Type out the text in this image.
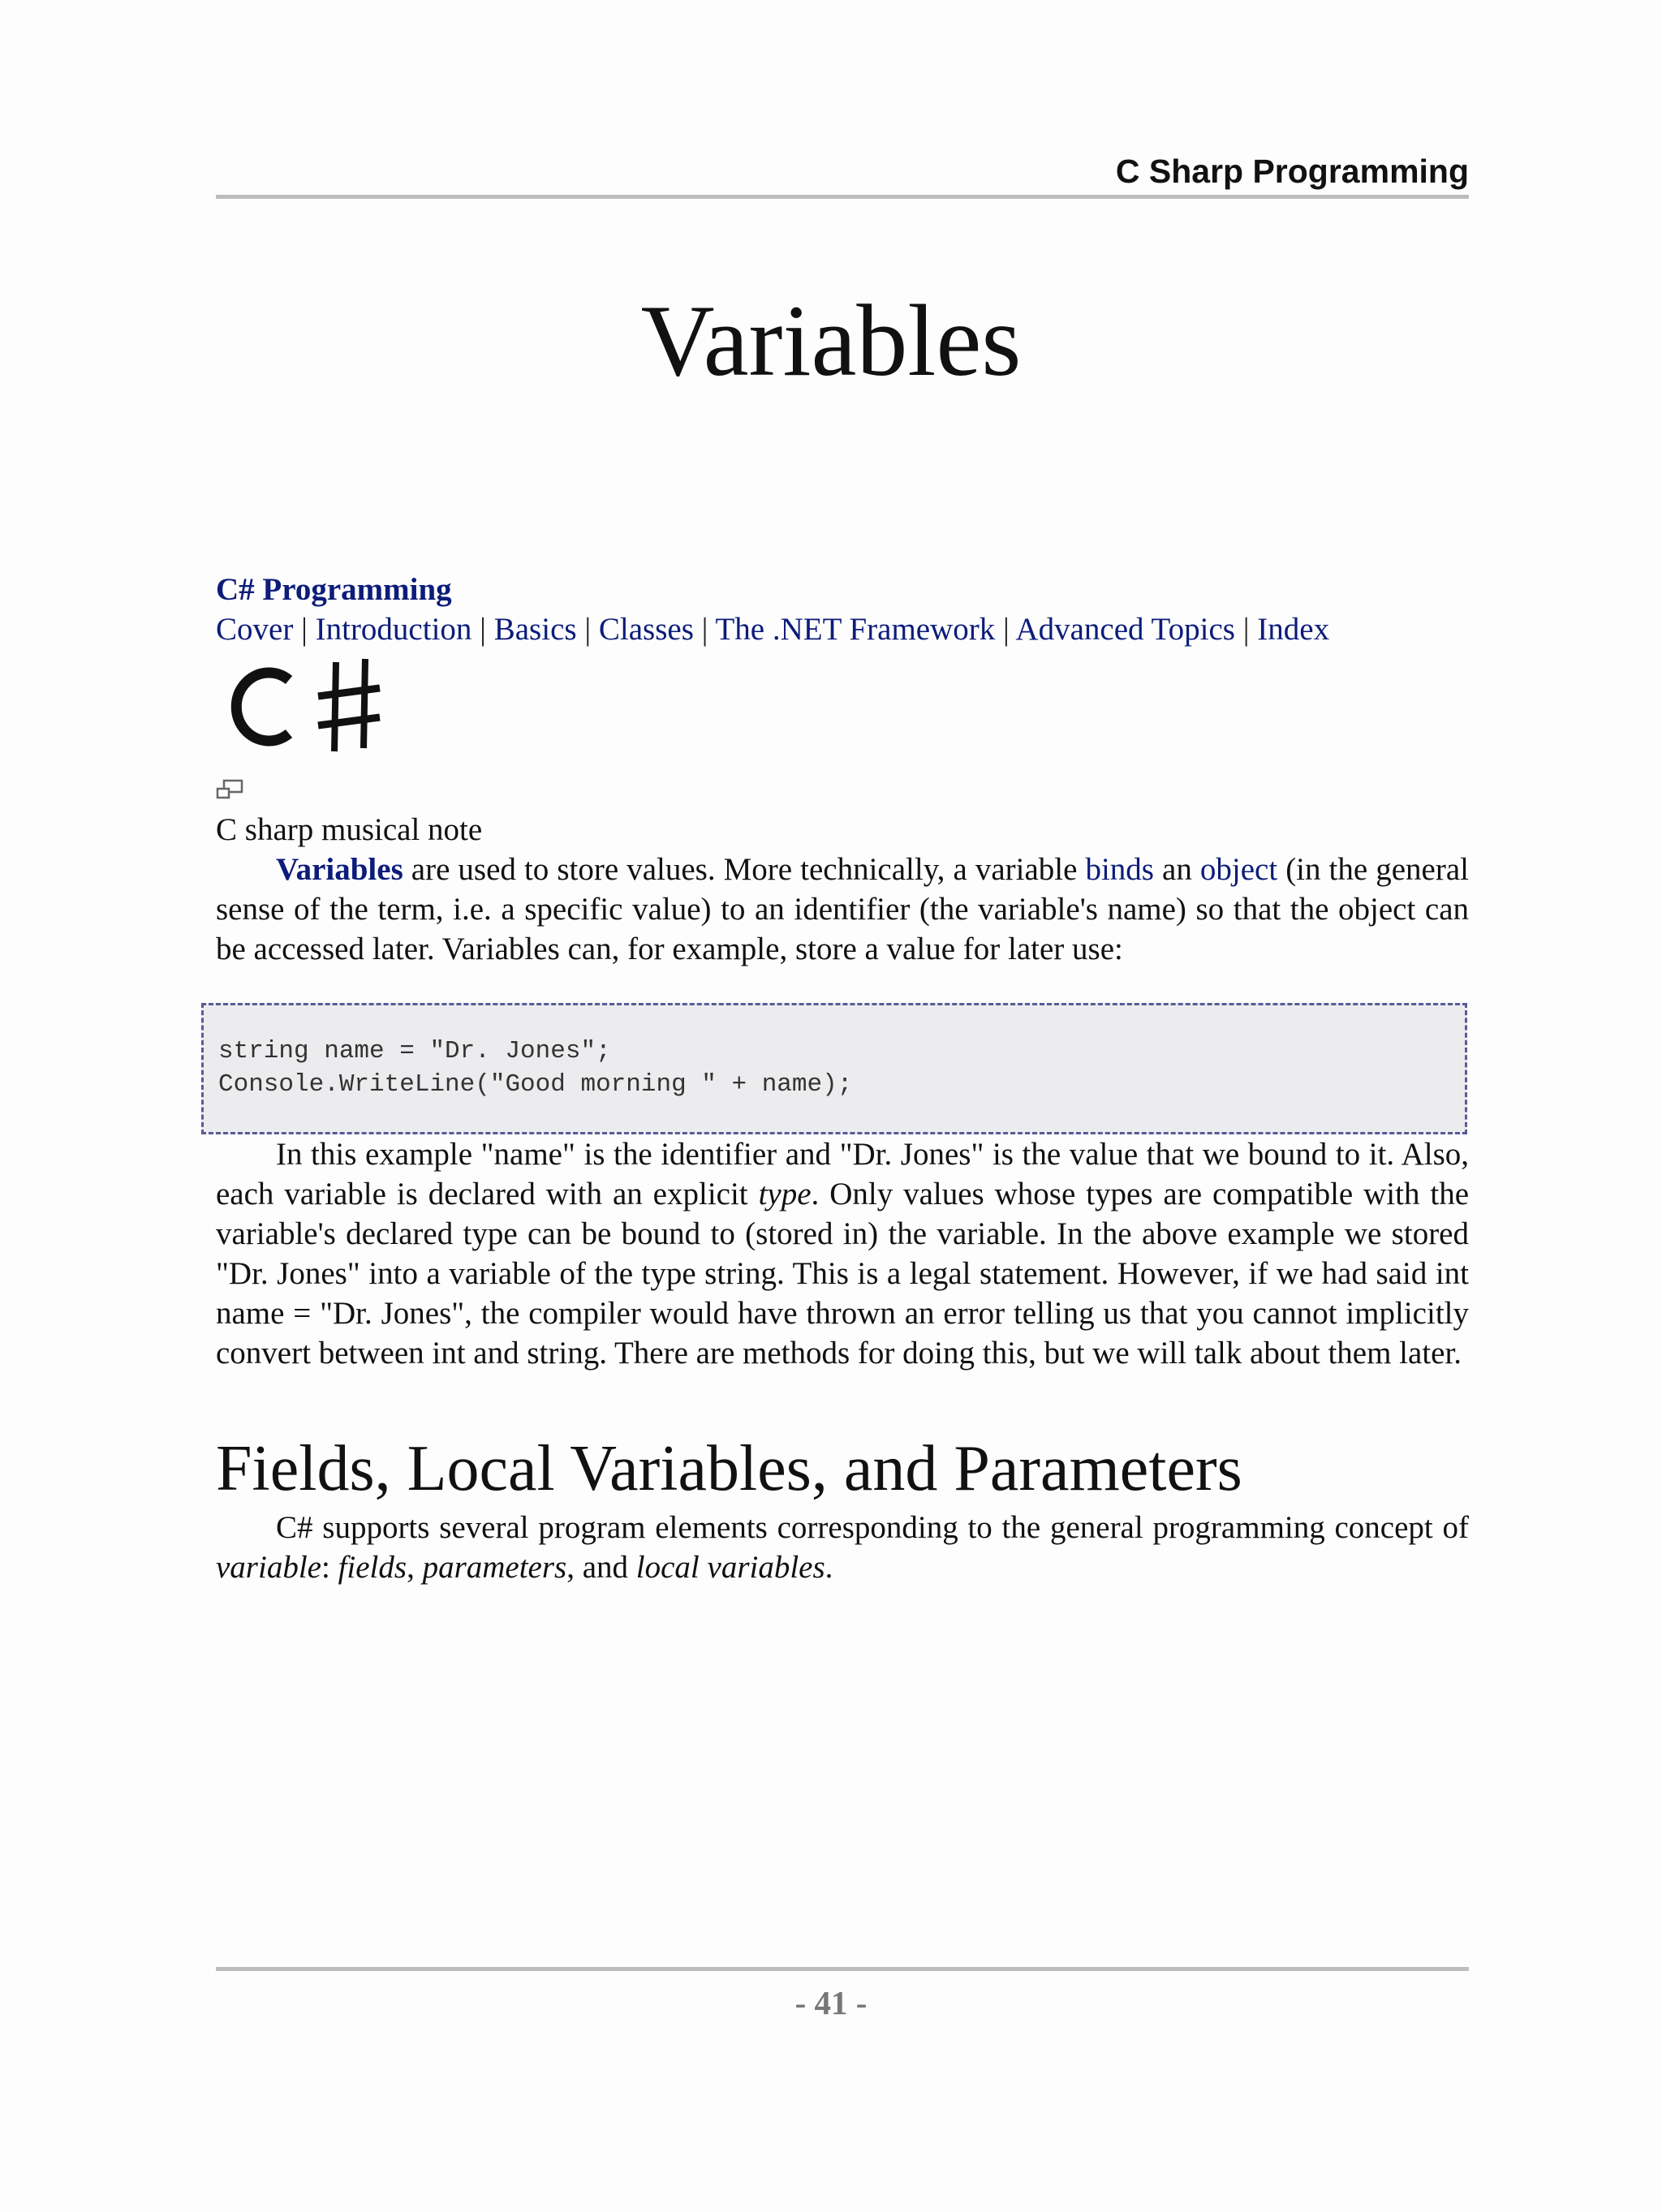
C Sharp Programming
Variables

C# Programming

Cover | Introduction | Basics | Classes | The .NET Framework | Advanced Topics | Index

C sharp musical note

Variables are used to store values. More technically, a variable binds an object (in the general sense of the term, i.e. a specific value) to an identifier (the variable's name) so that the object can be accessed later. Variables can, for example, store a value for later use:

string name = "Dr. Jones";
Console.WriteLine("Good morning " + name);

In this example "name" is the identifier and "Dr. Jones" is the value that we bound to it. Also, each variable is declared with an explicit type. Only values whose types are compatible with the variable's declared type can be bound to (stored in) the variable. In the above example we stored "Dr. Jones" into a variable of the type string. This is a legal statement. However, if we had said int name = "Dr. Jones", the compiler would have thrown an error telling us that you cannot implicitly convert between int and string. There are methods for doing this, but we will talk about them later.

Fields, Local Variables, and Parameters

C# supports several program elements corresponding to the general programming concept of variable: fields, parameters, and local variables.

- 41 -
